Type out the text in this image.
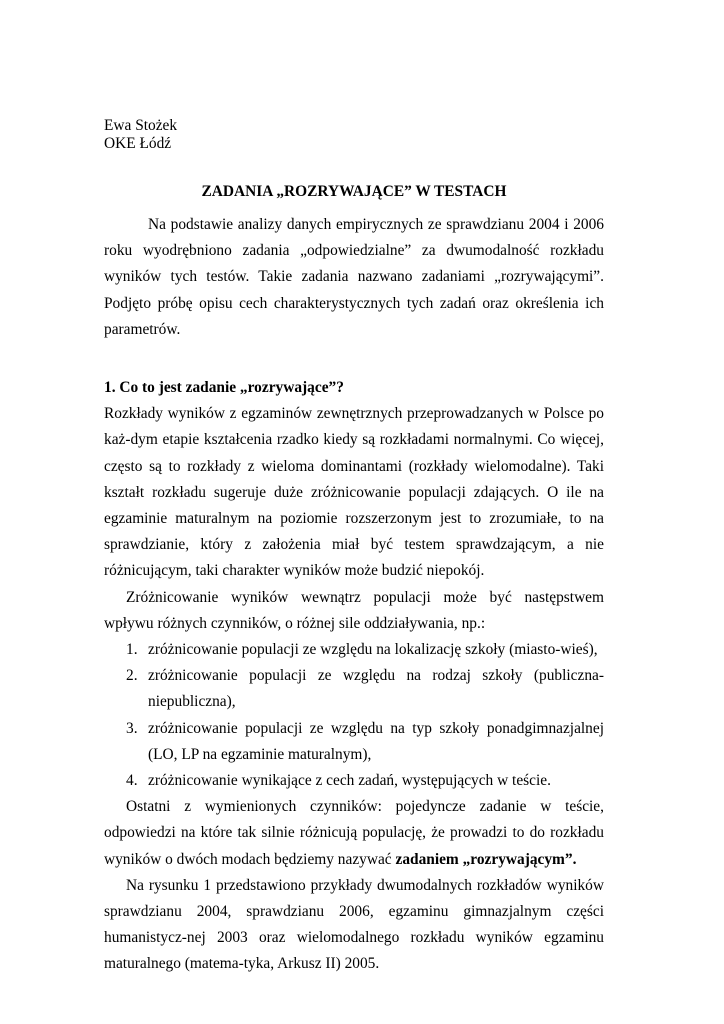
Ewa Stożek
OKE Łódź
ZADANIA „ROZRYWAJĄCE” W TESTACH

Na podstawie analizy danych empirycznych ze sprawdzianu 2004 i 2006 roku wyodrębniono zadania „odpowiedzialne” za dwumodalność rozkładu wyników tych testów. Takie zadania nazwano zadaniami „rozrywającymi”. Podjęto próbę opisu cech charakterystycznych tych zadań oraz określenia ich parametrów.

1. Co to jest zadanie „rozrywające”?

Rozkłady wyników z egzaminów zewnętrznych przeprowadzanych w Polsce po każ-dym etapie kształcenia rzadko kiedy są rozkładami normalnymi. Co więcej, często są to rozkłady z wieloma dominantami (rozkłady wielomodalne). Taki kształt rozkładu sugeruje duże zróżnicowanie populacji zdających. O ile na egzaminie maturalnym na poziomie rozszerzonym jest to zrozumiałe, to na sprawdzianie, który z założenia miał być testem sprawdzającym, a nie różnicującym, taki charakter wyników może budzić niepokój.

Zróżnicowanie wyników wewnątrz populacji może być następstwem wpływu różnych czynników, o różnej sile oddziaływania, np.:

1. zróżnicowanie populacji ze względu na lokalizację szkoły (miasto-wieś),
2. zróżnicowanie populacji ze względu na rodzaj szkoły (publiczna-niepubliczna),
3. zróżnicowanie populacji ze względu na typ szkoły ponadgimnazjalnej (LO, LP na egzaminie maturalnym),
4. zróżnicowanie wynikające z cech zadań, występujących w teście.

Ostatni z wymienionych czynników: pojedyncze zadanie w teście, odpowiedzi na które tak silnie różnicują populację, że prowadzi to do rozkładu wyników o dwóch modach będziemy nazywać zadaniem „rozrywającym”.

Na rysunku 1 przedstawiono przykłady dwumodalnych rozkładów wyników sprawdzianu 2004, sprawdzianu 2006, egzaminu gimnazjalnym części humanistycz-nej 2003 oraz wielomodalnego rozkładu wyników egzaminu maturalnego (matema-tyka, Arkusz II) 2005.
